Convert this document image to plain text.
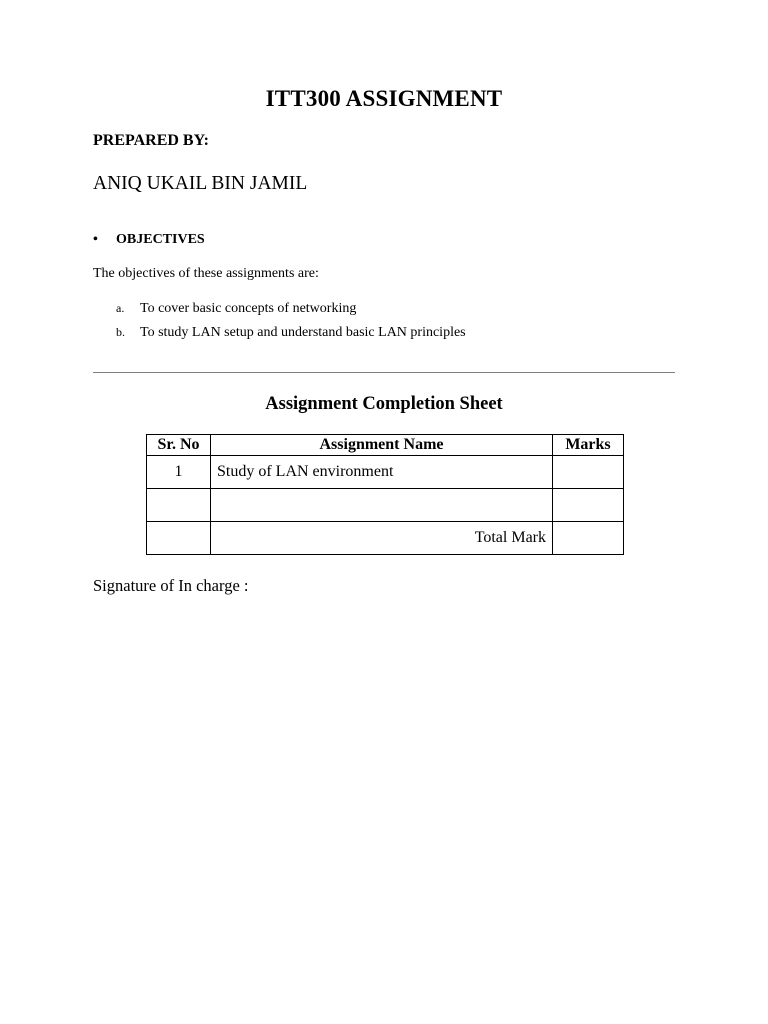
ITT300 ASSIGNMENT
PREPARED BY:
ANIQ UKAIL BIN JAMIL
• OBJECTIVES
The objectives of these assignments are:
a. To cover basic concepts of networking
b. To study LAN setup and understand basic LAN principles
Assignment Completion Sheet
Sr. No	Assignment Name	Marks
1	Study of LAN environment	

	Total Mark	
Signature of In charge :
